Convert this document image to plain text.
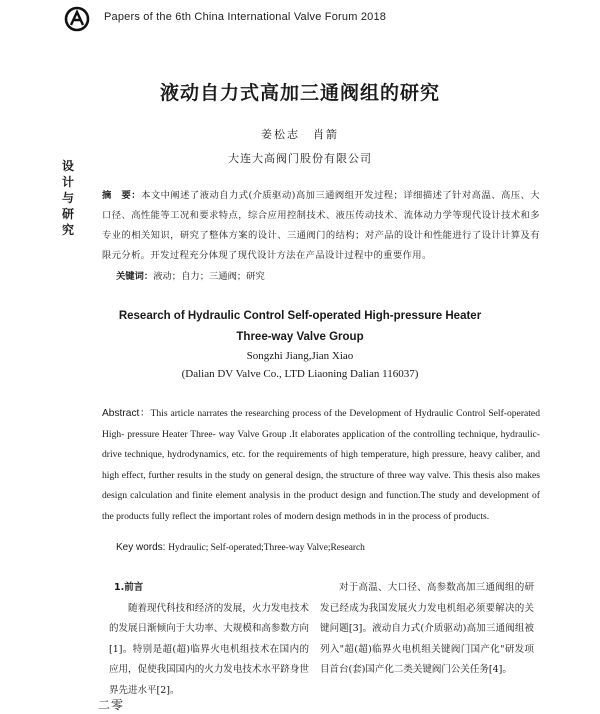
Papers of the 6th China International Valve Forum 2018
设
计
与
研
究
液动自力式高加三通阀组的研究
姜松志　肖箭
大连大高阀门股份有限公司
摘　要：本文中阐述了液动自力式(介质驱动)高加三通阀组开发过程；详细描述了针对高温、高压、大口径、高性能等工况和要求特点，综合应用控制技术、液压传动技术、流体动力学等现代设计技术和多专业的相关知识，研究了整体方案的设计、三通阀门的结构；对产品的设计和性能进行了设计计算及有限元分析。开发过程充分体现了现代设计方法在产品设计过程中的重要作用。
关键词：液动；自力；三通阀；研究
Research of Hydraulic Control Self-operated High-pressure Heater
Three-way Valve Group
Songzhi Jiang,Jian Xiao
(Dalian DV Valve Co., LTD Liaoning Dalian 116037)
Abstract：This article narrates the researching process of the Development of Hydraulic Control Self-operated High- pressure Heater Three- way Valve Group .It elaborates application of the controlling technique, hydraulic- drive technique, hydrodynamics, etc. for the requirements of high temperature, high pressure, heavy caliber, and high effect, further results in the study on general design, the structure of three way valve. This thesis also makes design calculation and finite element analysis in the product design and function.The study and development of the products fully reflect the important roles of modern design methods in in the process of products.
Key words: Hydraulic; Self-operated;Three-way Valve;Research
1.前言
随着现代科技和经济的发展，火力发电技术的发展日渐倾向于大功率、大规模和高参数方向[1]。特别是超(超)临界火电机组技术在国内的应用，促使我国国内的火力发电技术水平跻身世界先进水平[2]。
对于高温、大口径、高参数高加三通阀组的研发已经成为我国发展火力发电机组必须要解决的关键问题[3]。液动自力式(介质驱动)高加三通阀组被列入"超(超)临界火电机组关键阀门国产化"研发项目首台(套)国产化二类关键阀门公关任务[4]。
二零
